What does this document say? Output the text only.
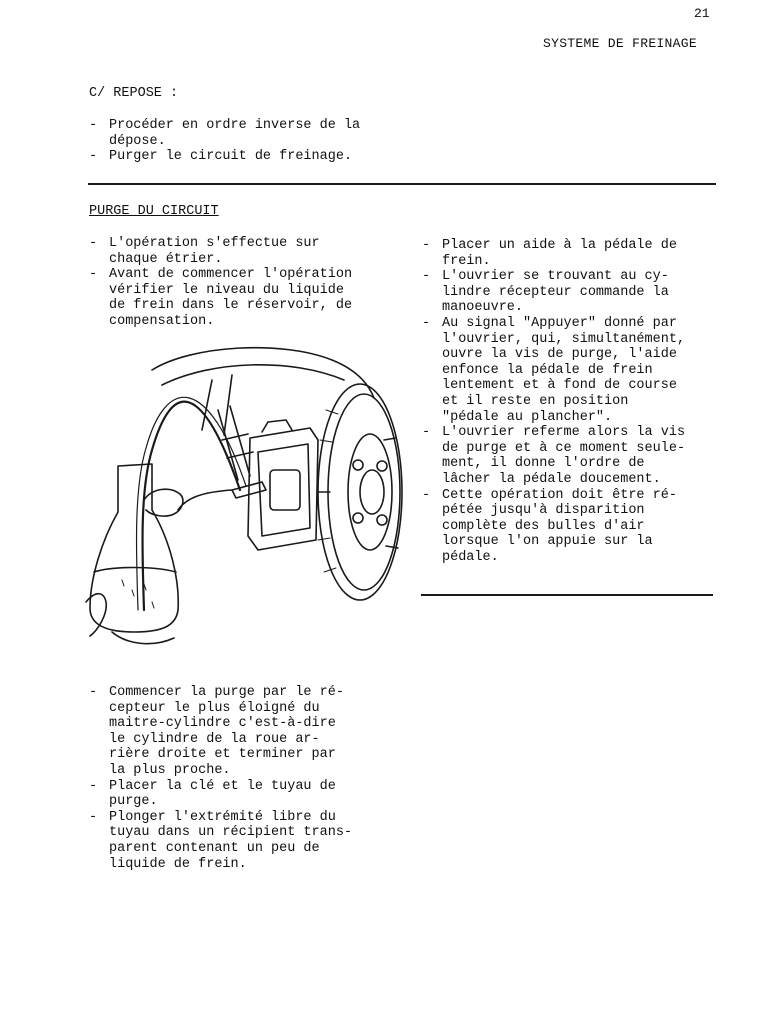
21
SYSTEME DE FREINAGE
C/ REPOSE :
- Procéder en ordre inverse de la
dépose.
- Purger le circuit de freinage.
PURGE DU CIRCUIT
- L'opération s'effectue sur
chaque étrier.
- Avant de commencer l'opération
vérifier le niveau du liquide
de frein dans le réservoir, de
compensation.
- Placer un aide à la pédale de
frein.
- L'ouvrier se trouvant au cy-
lindre récepteur commande la
manoeuvre.
- Au signal "Appuyer" donné par
l'ouvrier, qui, simultanément,
ouvre la vis de purge, l'aide
enfonce la pédale de frein
lentement et à fond de course
et il reste en position
"pédale au plancher".
- L'ouvrier referme alors la vis
de purge et à ce moment seule-
ment, il donne l'ordre de
lâcher la pédale doucement.
- Cette opération doit être ré-
pétée jusqu'à disparition
complète des bulles d'air
lorsque l'on appuie sur la
pédale.
- Commencer la purge par le ré-
cepteur le plus éloigné du
maitre-cylindre c'est-à-dire
le cylindre de la roue ar-
rière droite et terminer par
la plus proche.
- Placer la clé et le tuyau de
purge.
- Plonger l'extrémité libre du
tuyau dans un récipient trans-
parent contenant un peu de
liquide de frein.
